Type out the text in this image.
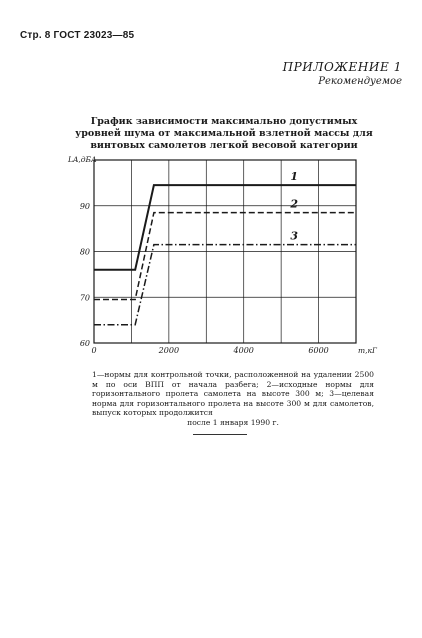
Стр. 8 ГОСТ 23023—85
ПРИЛОЖЕНИЕ 1
Рекомендуемое
График зависимости максимально допустимых уровней шума от максимальной взлетной массы для винтовых самолетов легкой весовой категории
60
70
80
90
0	2000	4000	6000
LA,дБА
m,кГ
1
2
3
1—нормы для контрольной точки, расположенной на удалении 2500 м по оси ВПП от начала разбега; 2—исходные нормы для горизонтального пролета самолета на высоте 300 м; 3—целевая норма для горизонтального пролета на высоте 300 м для самолетов, выпуск которых продолжится
после 1 января 1990 г.
